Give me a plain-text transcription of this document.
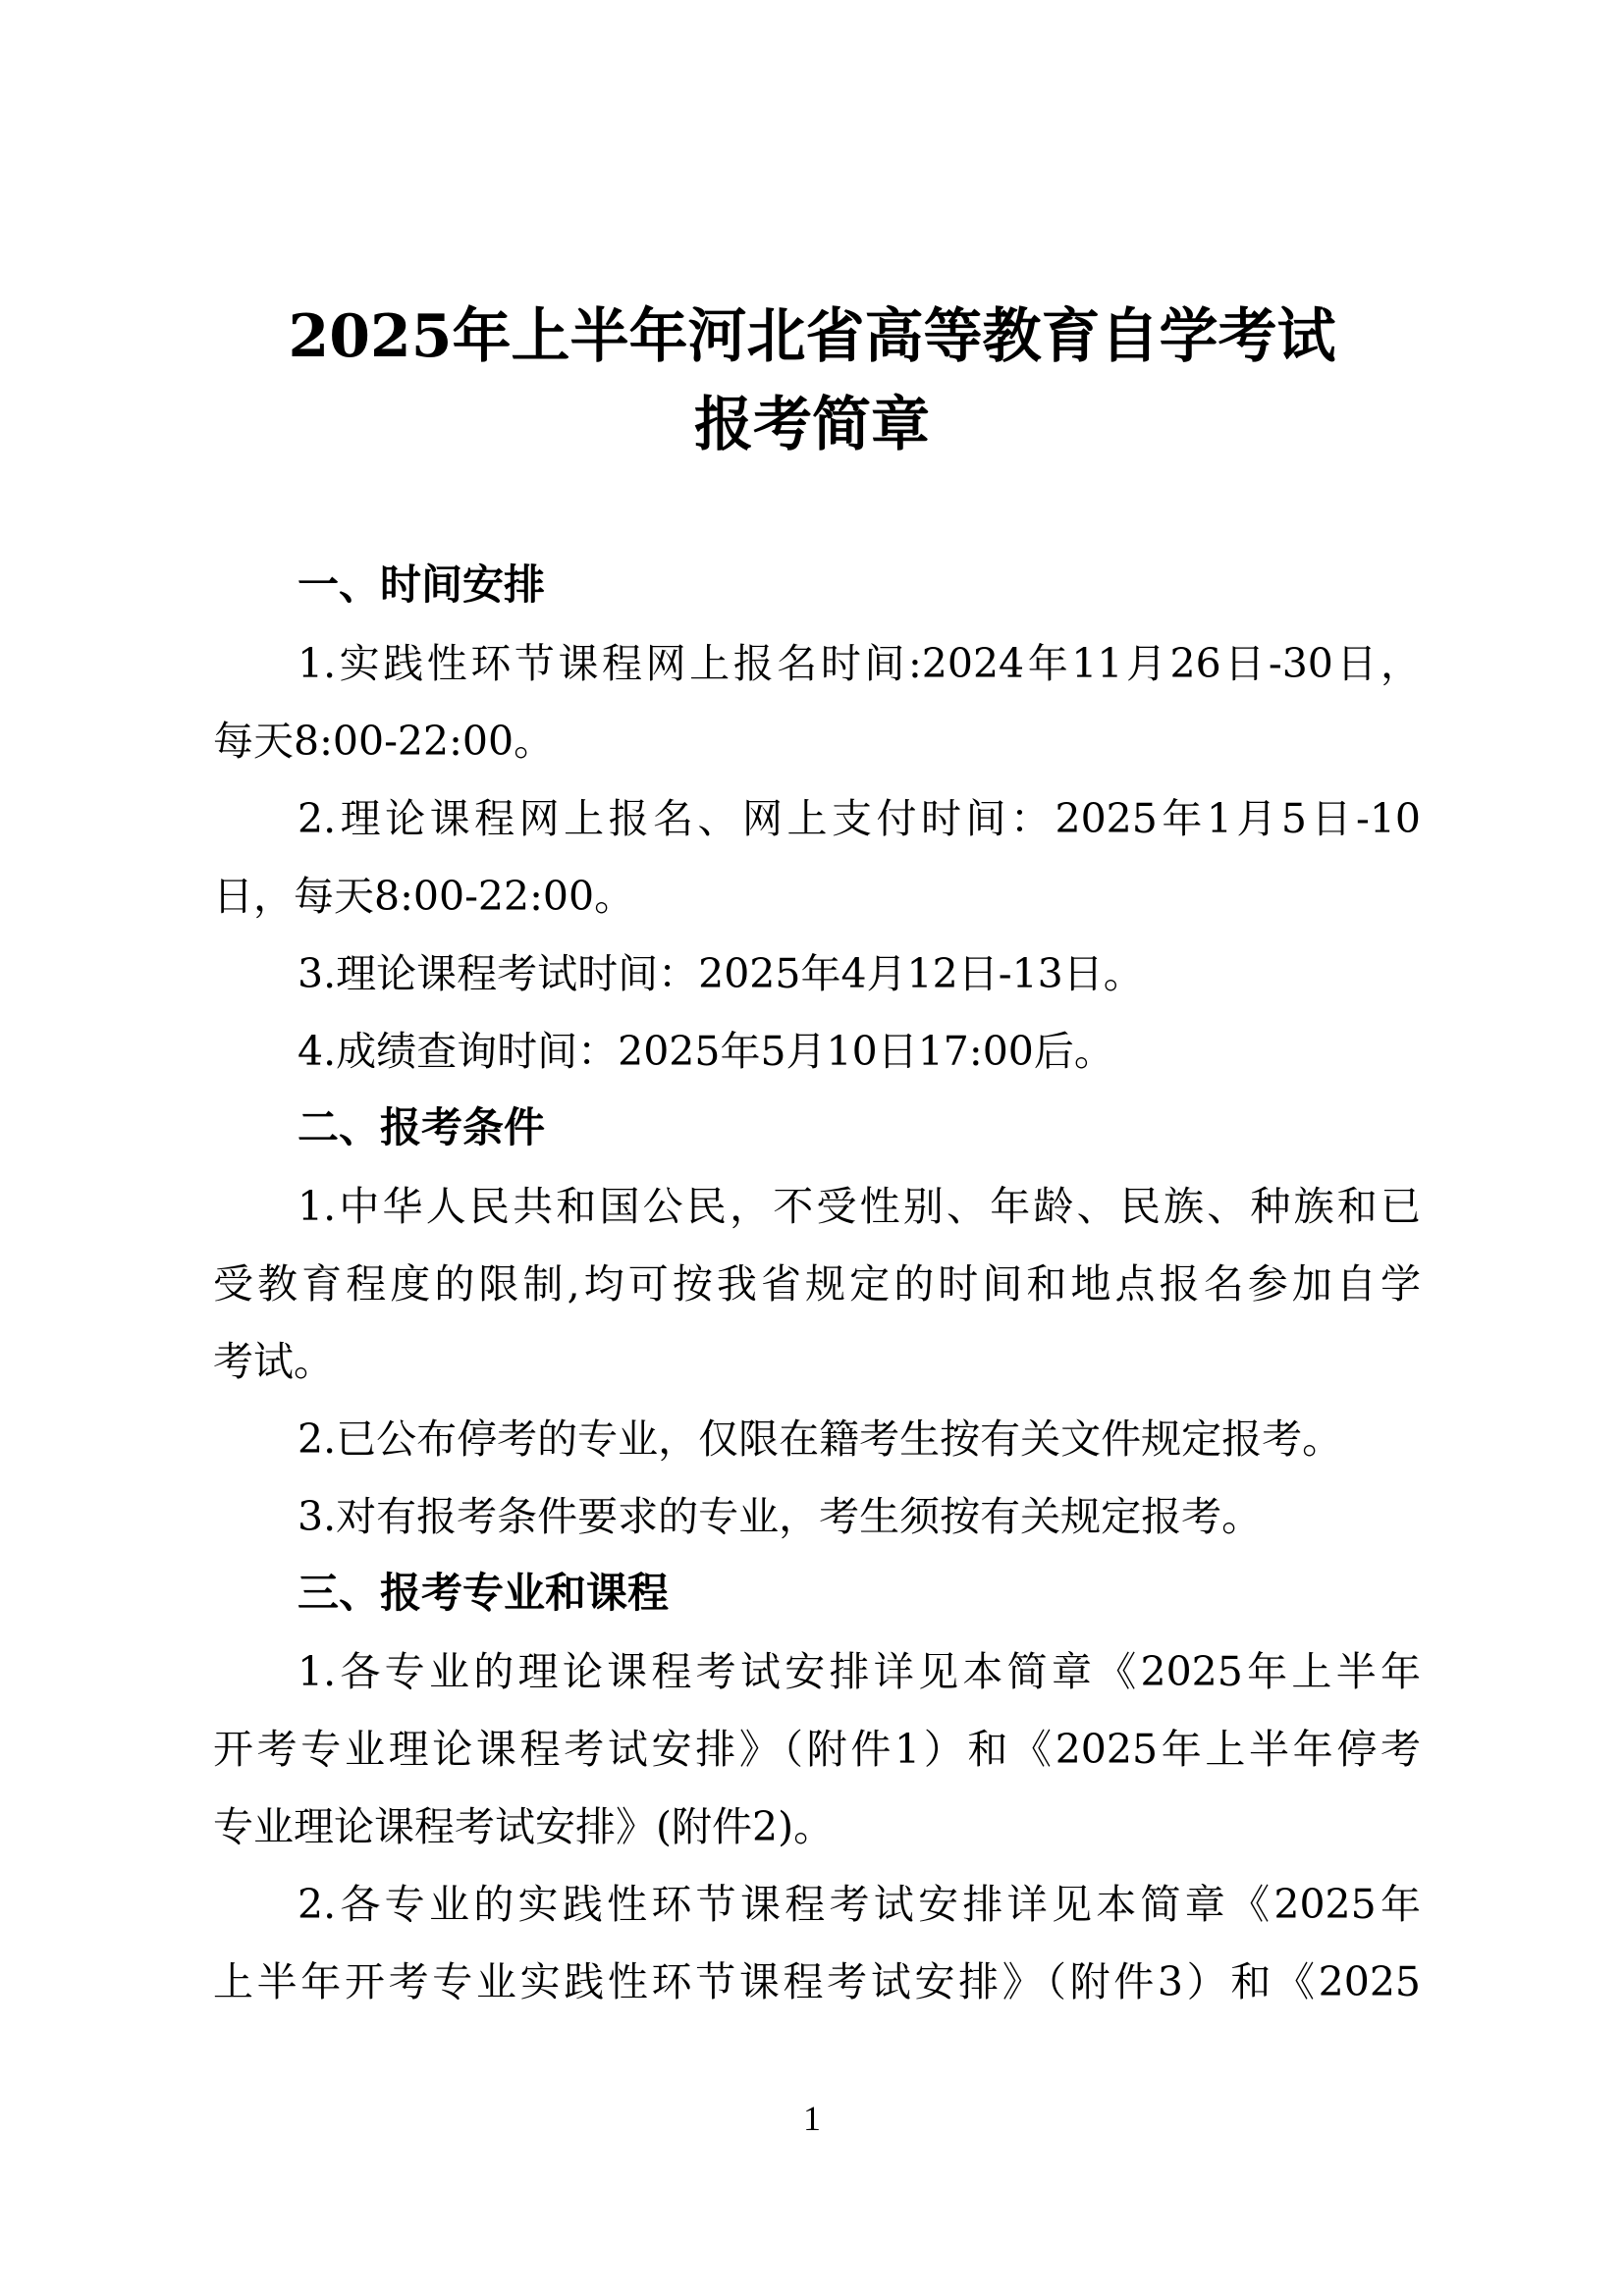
2025年上半年河北省高等教育自学考试
报考简章
一、时间安排

1.实践性环节课程网上报名时间:2024年11月26日-30日，

每天8:00-22:00。

2.理论课程网上报名、网上支付时间：2025年1月5日-10

日，每天8:00-22:00。

3.理论课程考试时间：2025年4月12日-13日。

4.成绩查询时间：2025年5月10日17:00后。

二、报考条件

1.中华人民共和国公民，不受性别、年龄、民族、种族和已

受教育程度的限制,均可按我省规定的时间和地点报名参加自学

考试。

2.已公布停考的专业，仅限在籍考生按有关文件规定报考。

3.对有报考条件要求的专业，考生须按有关规定报考。

三、报考专业和课程

1.各专业的理论课程考试安排详见本简章《2025年上半年

开考专业理论课程考试安排》（附件1）和《2025年上半年停考

专业理论课程考试安排》(附件2)。

2.各专业的实践性环节课程考试安排详见本简章《2025年

上半年开考专业实践性环节课程考试安排》（附件3）和《2025

1
